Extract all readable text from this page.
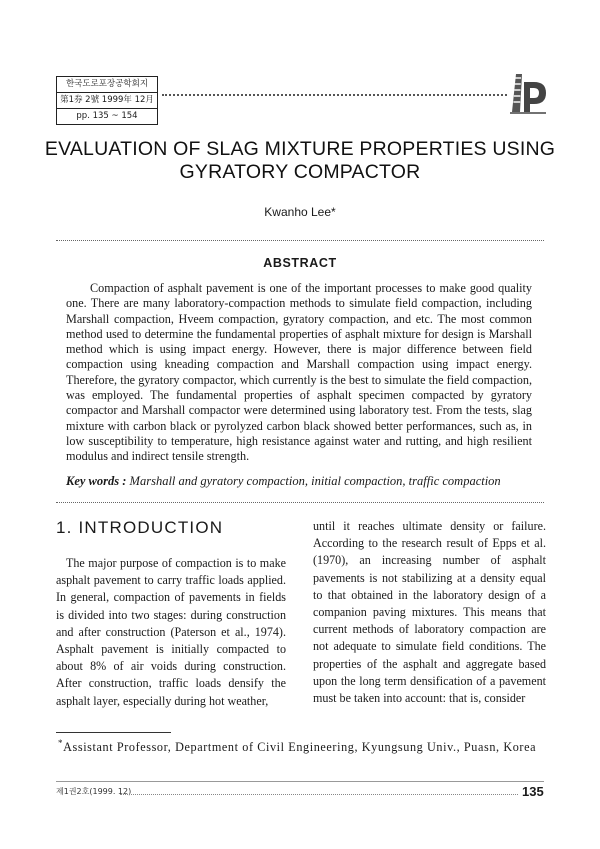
한국도로포장공학회지
第1券 2號 1999年 12月
pp. 135 ~ 154
EVALUATION OF SLAG MIXTURE PROPERTIES USING
GYRATORY COMPACTOR
Kwanho Lee*
ABSTRACT

Compaction of asphalt pavement is one of the important processes to make good quality one. There are many laboratory-compaction methods to simulate field compaction, including Marshall compaction, Hveem compaction, gyratory compaction, and etc. The most common method used to determine the fundamental properties of asphalt mixture for design is Marshall method which is using impact energy. However, there is major difference between field compaction using kneading compaction and Marshall compaction using impact energy. Therefore, the gyratory compactor, which currently is the best to simulate the field compaction, was employed. The fundamental properties of asphalt specimen compacted by gyratory compactor and Marshall compactor were determined using laboratory test. From the tests, slag mixture with carbon black or pyrolyzed carbon black showed better performances, such as, in low susceptibility to temperature, high resistance against water and rutting, and high resilient modulus and indirect tensile strength.

Key words : Marshall and gyratory compaction, initial compaction, traffic compaction
1. INTRODUCTION

The major purpose of compaction is to make asphalt pavement to carry traffic loads applied. In general, compaction of pavements in fields is divided into two stages: during construction and after construction (Paterson et al., 1974). Asphalt pavement is initially compacted to about 8% of air voids during construction. After construction, traffic loads densify the asphalt layer, especially during hot weather,

until it reaches ultimate density or failure. According to the research result of Epps et al. (1970), an increasing number of asphalt pavements is not stabilizing at a density equal to that obtained in the laboratory design of a companion paving mixtures. This means that current methods of laboratory compaction are not adequate to simulate field conditions. The properties of the asphalt and aggregate based upon the long term densification of a pavement must be taken into account: that is, consider

*Assistant Professor, Department of Civil Engineering, Kyungsung Univ., Puasn, Korea

제1권2호(1999. 12)	135
